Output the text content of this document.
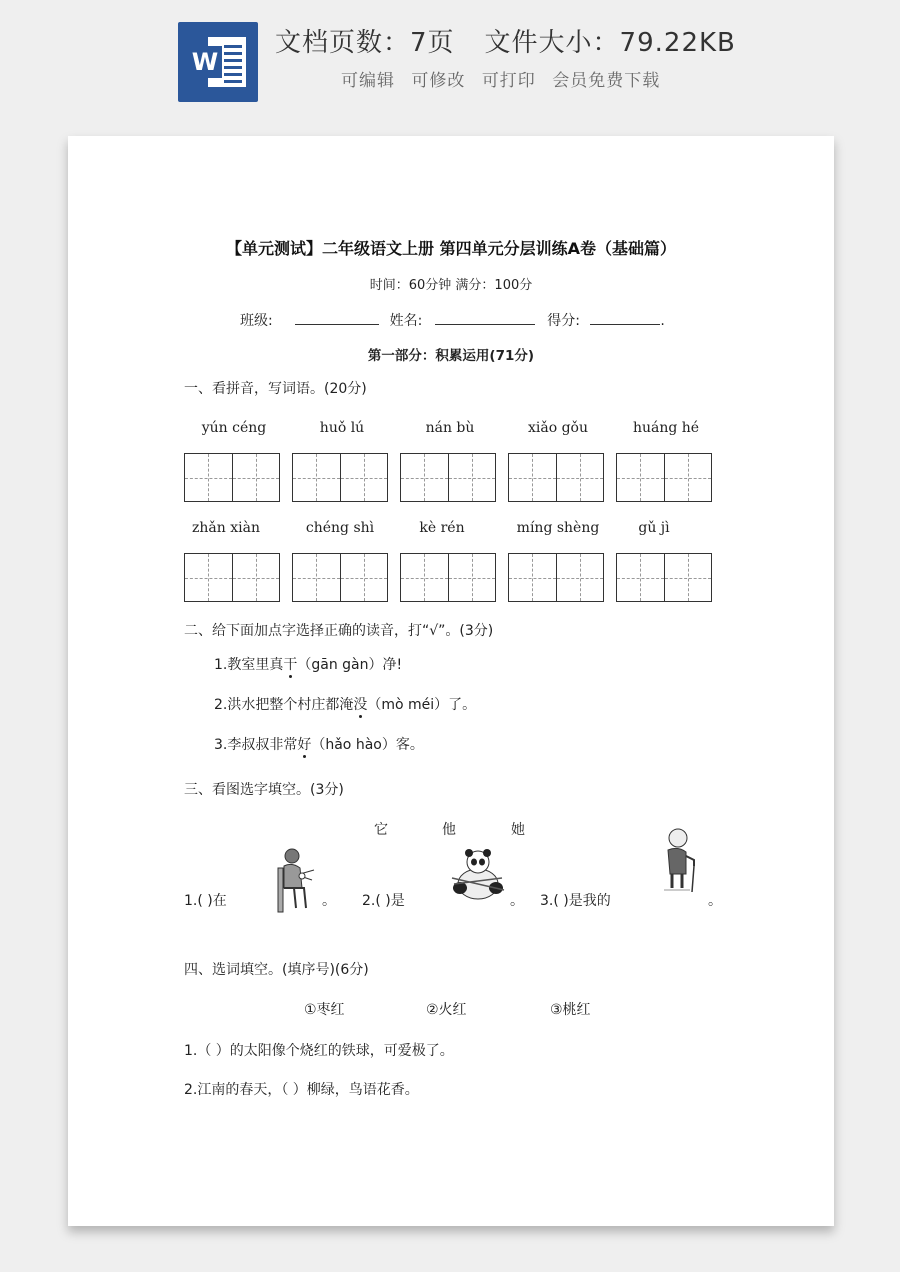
W
文档页数：7页 文件大小：79.22KB
可编辑 可修改 可打印 会员免费下载
【单元测试】二年级语文上册 第四单元分层训练A卷（基础篇）
时间：60分钟 满分：100分
班级:	姓名:	得分:	.
第一部分：积累运用(71分)
一、看拼音，写词语。(20分)
yún céng	huǒ lú	nán bù	xiǎo gǒu	huáng hé
zhǎn xiàn	chéng shì	kè rén	míng shèng	gǔ jì
二、给下面加点字选择正确的读音，打“√”。(3分)
1.教室里真干（gān gàn）净!
2.洪水把整个村庄都淹没（mò méi）了。
3.李叔叔非常好（hǎo hào）客。
三、看图选字填空。(3分)
它	他	她
1.( )在	。 2.( )是	。 3.( )是我的	。
四、选词填空。(填序号)(6分)
①枣红	②火红	③桃红
1.（ ）的太阳像个烧红的铁球，可爱极了。
2.江南的春天，（ ）柳绿，鸟语花香。
